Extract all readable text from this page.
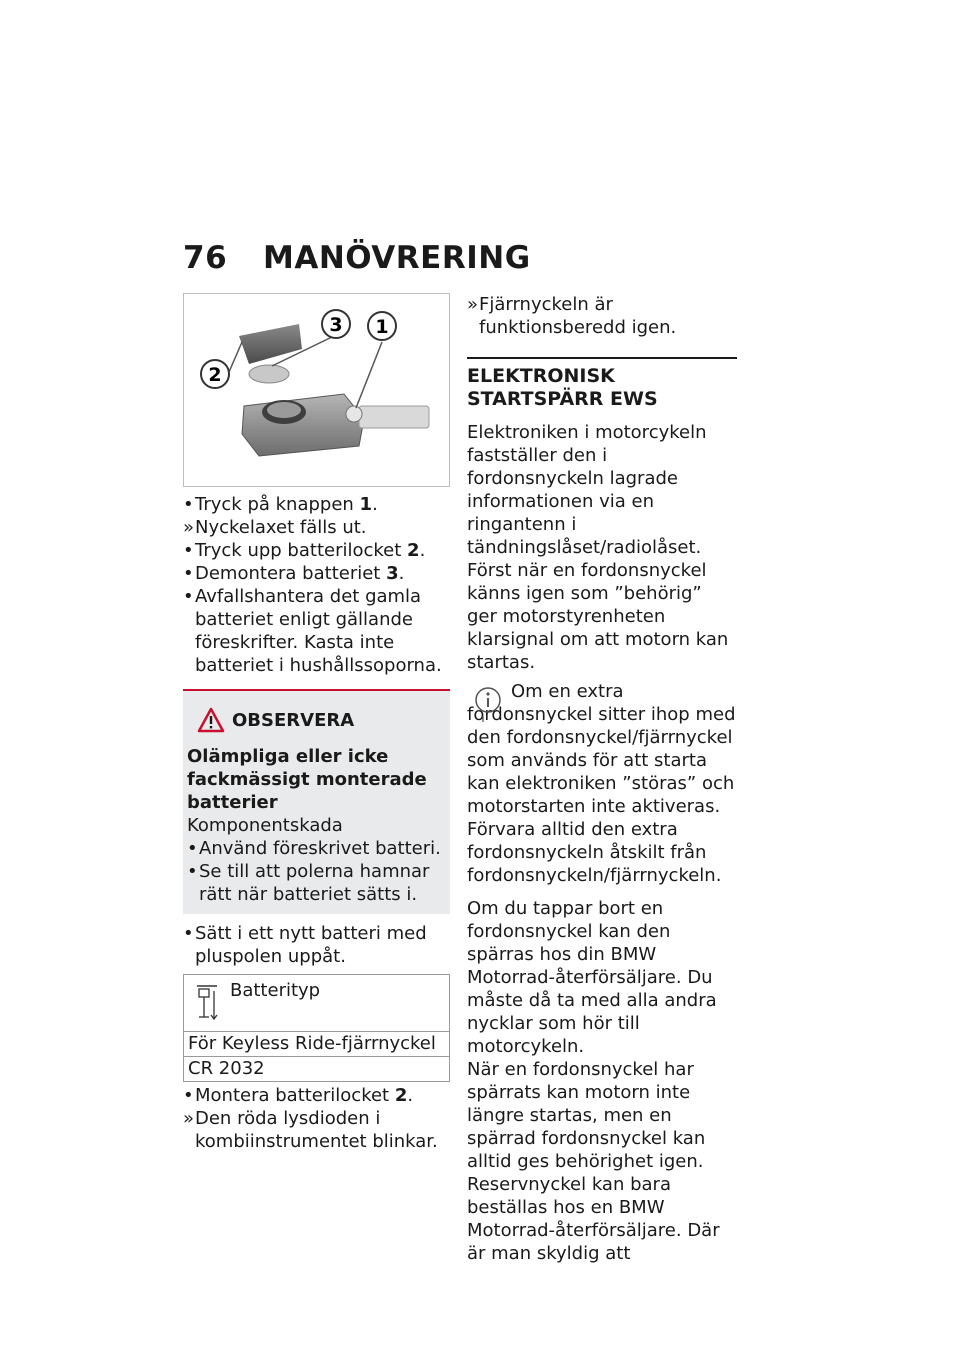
76 MANÖVRERING
3 1
2
• Tryck på knappen 1.
» Nyckelaxet fälls ut.
• Tryck upp batterilocket 2.
• Demontera batteriet 3.
• Avfallshantera det gamla batteriet enligt gällande föreskrifter. Kasta inte batteriet i hushållssoporna.
OBSERVERA
Olämpliga eller icke fackmässigt monterade batterier
Komponentskada
• Använd föreskrivet batteri.
• Se till att polerna hamnar rätt när batteriet sätts i.
• Sätt i ett nytt batteri med pluspolen uppåt.
Batterityp
För Keyless Ride-fjärrnyckel
CR 2032
• Montera batterilocket 2.
» Den röda lysdioden i kombiinstrumentet blinkar.
» Fjärrnyckeln är funktionsberedd igen.
ELEKTRONISK STARTSPÄRR EWS
Elektroniken i motorcykeln fastställer den i fordonsnyckeln lagrade informationen via en ringantenn i tändningslåset/radiolåset. Först när en fordonsnyckel känns igen som ”behörig” ger motorstyrenheten klarsignal om att motorn kan startas.
Om en extra fordonsnyckel sitter ihop med den fordonsnyckel/fjärrnyckel som används för att starta kan elektroniken ”störas” och motorstarten inte aktiveras.
Förvara alltid den extra fordonsnyckeln åtskilt från fordonsnyckeln/fjärrnyckeln.
Om du tappar bort en fordonsnyckel kan den spärras hos din BMW Motorrad-återförsäljare. Du måste då ta med alla andra nycklar som hör till motorcykeln.
När en fordonsnyckel har spärrats kan motorn inte längre startas, men en spärrad fordonsnyckel kan alltid ges behörighet igen.
Reservnyckel kan bara beställas hos en BMW Motorrad-återförsäljare. Där är man skyldig att
